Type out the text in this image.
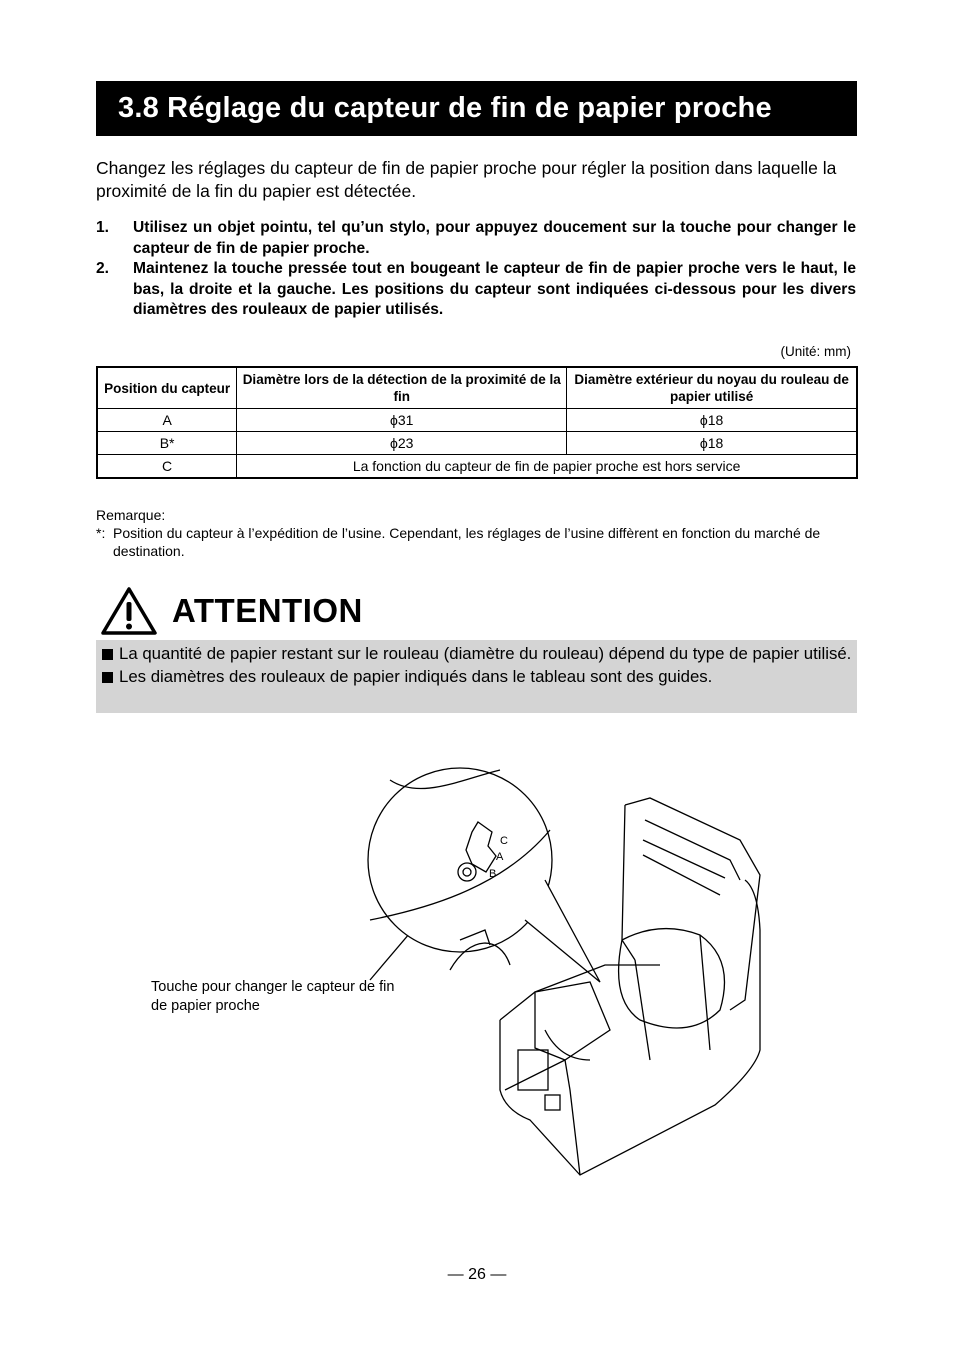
3.8 Réglage du capteur de fin de papier proche

Changez les réglages du capteur de fin de papier proche pour régler la position dans laquelle la proximité de la fin du papier est détectée.

1. Utilisez un objet pointu, tel qu’un stylo, pour appuyez doucement sur la touche pour changer le capteur de fin de papier proche.
2. Maintenez la touche pressée tout en bougeant le capteur de fin de papier proche vers le haut, le bas, la droite et la gauche. Les positions du capteur sont indiquées ci-dessous pour les divers diamètres des rouleaux de papier utilisés.
(Unité: mm)
Position du capteur	Diamètre lors de la détection de la proximité de la fin	Diamètre extérieur du noyau du rouleau de papier utilisé
A	ϕ31	ϕ18
B*	ϕ23	ϕ18
C	La fonction du capteur de fin de papier proche est hors service	
Remarque:
*: Position du capteur à l’expédition de l’usine. Cependant, les réglages de l’usine diffèrent en fonction du marché de destination.
ATTENTION
La quantité de papier restant sur le rouleau (diamètre du rouleau) dépend du type de papier utilisé.
Les diamètres des rouleaux de papier indiqués dans le tableau sont des guides.
Touche pour changer le capteur de fin de papier proche
C
A
B
— 26 —
